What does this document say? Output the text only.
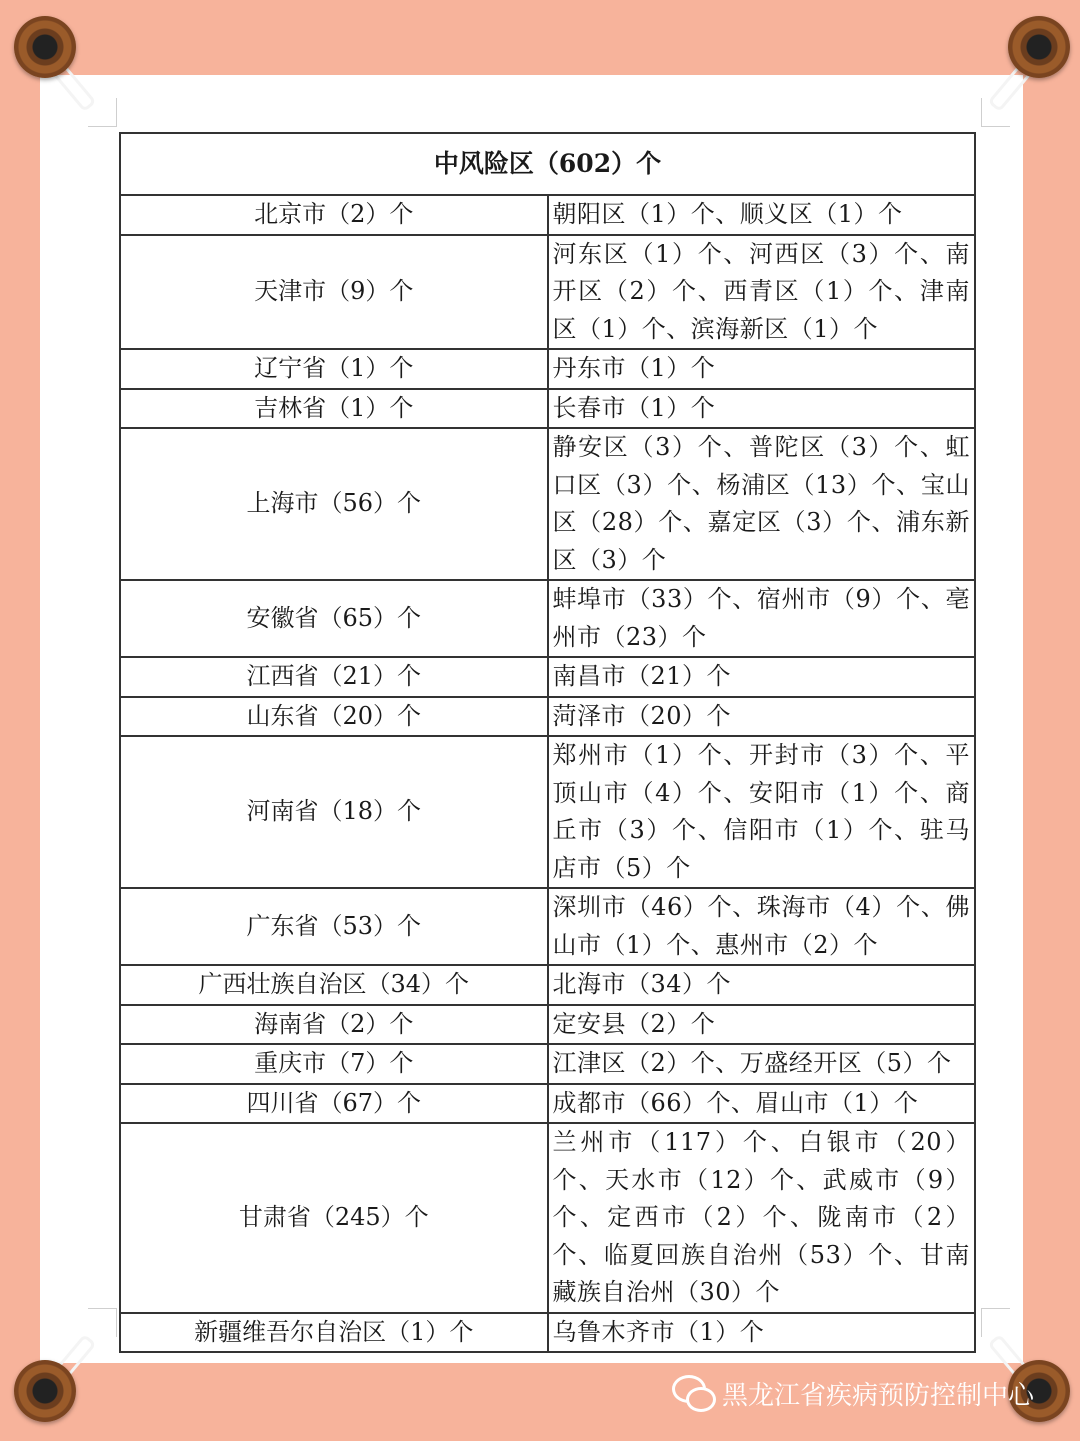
中风险区（602）个	
北京市（2）个	朝阳区（1）个、顺义区（1）个
天津市（9）个	河东区（1）个、河西区（3）个、南开区（2）个、西青区（1）个、津南区（1）个、滨海新区（1）个
辽宁省（1）个	丹东市（1）个
吉林省（1）个	长春市（1）个
上海市（56）个	静安区（3）个、普陀区（3）个、虹口区（3）个、杨浦区（13）个、宝山区（28）个、嘉定区（3）个、浦东新区（3）个
安徽省（65）个	蚌埠市（33）个、宿州市（9）个、亳州市（23）个
江西省（21）个	南昌市（21）个
山东省（20）个	菏泽市（20）个
河南省（18）个	郑州市（1）个、开封市（3）个、平顶山市（4）个、安阳市（1）个、商丘市（3）个、信阳市（1）个、驻马店市（5）个
广东省（53）个	深圳市（46）个、珠海市（4）个、佛山市（1）个、惠州市（2）个
广西壮族自治区（34）个	北海市（34）个
海南省（2）个	定安县（2）个
重庆市（7）个	江津区（2）个、万盛经开区（5）个
四川省（67）个	成都市（66）个、眉山市（1）个
甘肃省（245）个	兰州市（117）个、白银市（20）个、天水市（12）个、武威市（9）个、定西市（2）个、陇南市（2）个、临夏回族自治州（53）个、甘南藏族自治州（30）个
新疆维吾尔自治区（1）个	乌鲁木齐市（1）个
黑龙江省疾病预防控制中心
